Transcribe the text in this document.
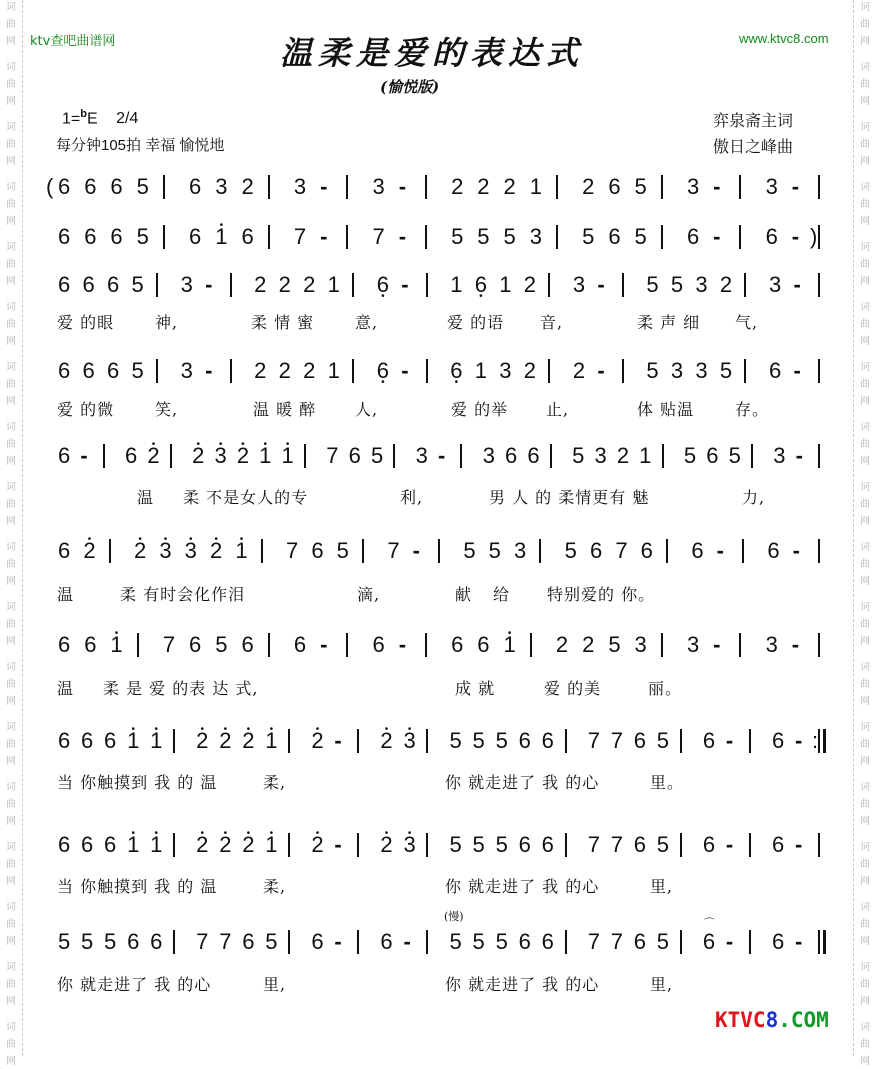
词
曲
网
词
曲
网
词
曲
网
词
曲
网
词
曲
网
词
曲
网
词
曲
网
词
曲
网
词
曲
网
词
曲
网
词
曲
网
词
曲
网
词
曲
网
词
曲
网
词
曲
网
词
曲
网
词
曲
网
词
曲
网
词
曲
网
词
曲
网
词
曲
网
词
曲
网
词
曲
网
词
曲
网
词
曲
网
词
曲
网
词
曲
网
词
曲
网
词
曲
网
词
曲
网
词
曲
网
词
曲
网
词
曲
网
词
曲
网
词
曲
网
词
曲
网
ktv查吧曲谱网	www.ktvc8.com
温柔是爱的表达式
(愉悦版)
1=$^b$E 2/4
每分钟105拍 幸福 愉悦地
弈泉斋主词
傲日之峰曲
( 6 6 6 5 6 3 2 3 - 3 - 2 2 2 1 2 6 5 3 - 3 -
6 6 6 5 6 • 1 6 7 - 7 - 5 5 5 3 5 6 5 6 - 6 - )
6 6 6 5 3 - 2 2 2 1 6 • - 1 6 • 1 2 3 - 5 5 3 2 3 -
6 6 6 5 3 - 2 2 2 1 6 • - 6 • 1 3 2 2 - 5 3 3 5 6 -
6 - 6 • 2 • 2 • 3 • 2 • 1 • 1 7 6 5 3 - 3 6 6 5 3 2 1 5 6 5 3 -
6 • 2 • 2 • 3 • 3 • 2 • 1 7 6 5 7 - 5 5 3 5 6 7 6 6 - 6 -
6 6 • 1 7 6 5 6 6 - 6 - 6 6 • 1 2 2 5 3 3 - 3 -
6 6 6 • 1 • 1 • 2 • 2 • 2 • 1 • 2 - • 2 • 3 5 5 5 6 6 7 7 6 5 6 - 6 - :
6 6 6 • 1 • 1 • 2 • 2 • 2 • 1 • 2 - • 2 • 3 5 5 5 6 6 7 7 6 5 6 - 6 -
5 5 5 6 6 7 7 6 5 6 - 6 - 5 5 5 6 6 7 7 6 5
⌒
6 - 6 -
爱 的眼	神,	柔 情 蜜	意,	爱 的语 音,	柔 声 细 气,
爱 的微	笑,	温 暖 醉 人,	爱 的举 止,	体 贴温	存。
温 柔 不是女人的专	利,	男 人 的 柔情更有 魅	力,
温	柔 有时会化作泪	滴,	献 给 特别爱的 你。
温 柔 是 爱 的表 达 式,	成 就	爱 的美	丽。
当 你触摸到 我 的 温	柔,	你 就走进了 我 的心	里。
当 你触摸到 我 的 温	柔,	你 就走进了 我 的心	里,
你 就走进了 我 的心	里,	你 就走进了 我 的心	里,
(慢)
KTVC8.COM
